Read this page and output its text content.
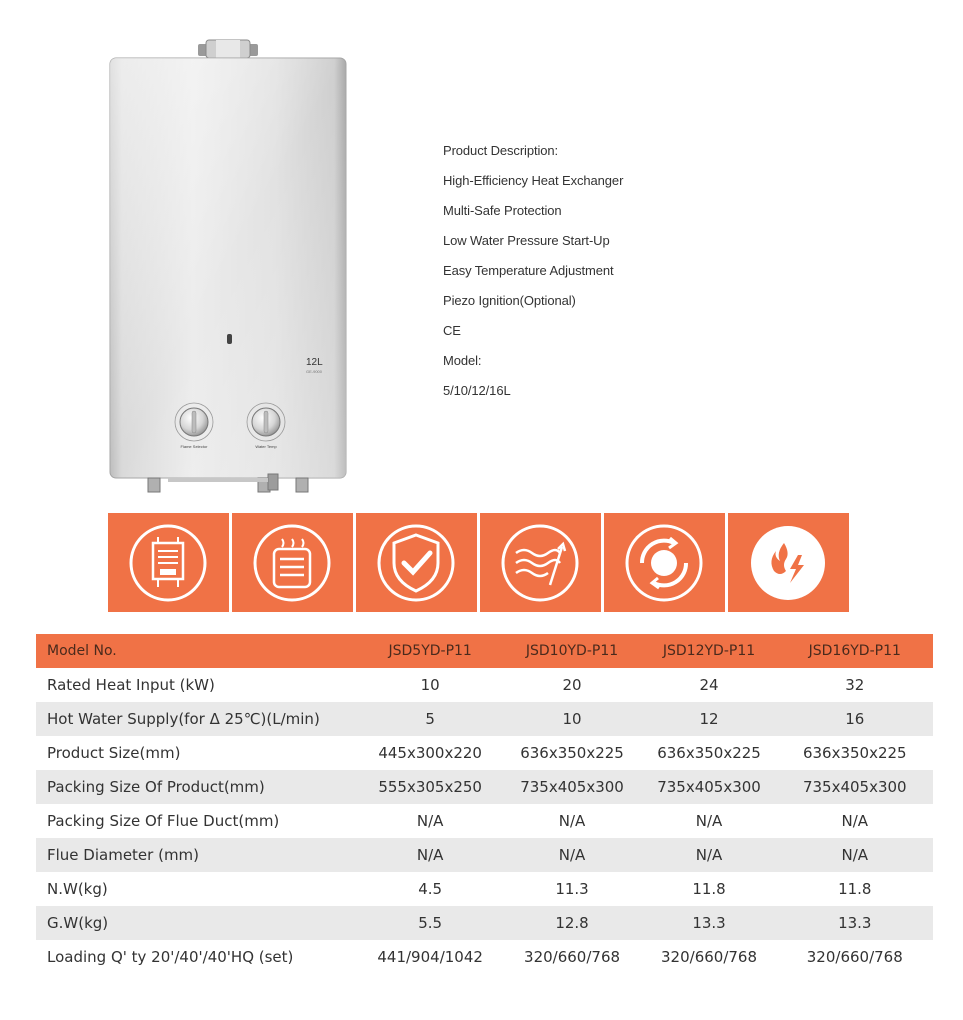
12L
GE-9000
Flame Selector	Water Temp
Product Description:
High-Efficiency Heat Exchanger
Multi-Safe Protection
Low Water Pressure Start-Up
Easy Temperature Adjustment
Piezo Ignition(Optional)
CE
Model:
5/10/12/16L
Model No.	JSD5YD-P11	JSD10YD-P11	JSD12YD-P11	JSD16YD-P11
Rated Heat Input (kW)	10	20	24	32
Hot Water Supply(for Δ 25℃)(L/min)	5	10	12	16
Product Size(mm)	445x300x220	636x350x225	636x350x225	636x350x225
Packing Size Of Product(mm)	555x305x250	735x405x300	735x405x300	735x405x300
Packing Size Of Flue Duct(mm)	N/A	N/A	N/A	N/A
Flue Diameter (mm)	N/A	N/A	N/A	N/A
N.W(kg)	4.5	11.3	11.8	11.8
G.W(kg)	5.5	12.8	13.3	13.3
Loading Q' ty 20'/40'/40'HQ (set)	441/904/1042	320/660/768	320/660/768	320/660/768
